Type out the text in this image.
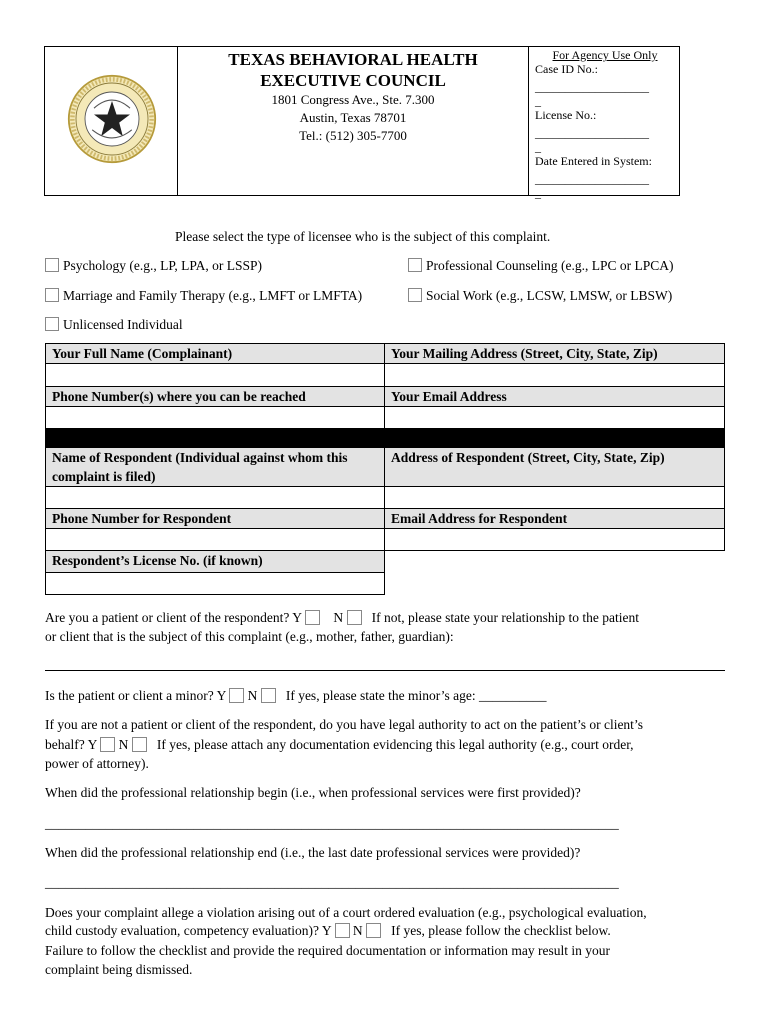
TEXAS BEHAVIORAL HEALTH
EXECUTIVE COUNCIL
1801 Congress Ave., Ste. 7.300
Austin, Texas 78701
Tel.: (512) 305-7700
For Agency Use Only
Case ID No.:
___________________
_
License No.:
___________________
_
Date Entered in System:
___________________
_
Please select the type of licensee who is the subject of this complaint.
Psychology (e.g., LP, LPA, or LSSP)	Professional Counseling (e.g., LPC or LPCA)
Marriage and Family Therapy (e.g., LMFT or LMFTA)	Social Work (e.g., LCSW, LMSW, or LBSW)
Unlicensed Individual
Your Full Name (Complainant)	Your Mailing Address (Street, City, State, Zip)

Phone Number(s) where you can be reached	Your Email Address

Name of Respondent (Individual against whom this complaint is filed)	Address of Respondent (Street, City, State, Zip)

Phone Number for Respondent	Email Address for Respondent

Respondent’s License No. (if known)	

Are you a patient or client of the respondent? Y N If not, please state your relationship to the patient
or client that is the subject of this complaint (e.g., mother, father, guardian):
Is the patient or client a minor? Y N If yes, please state the minor’s age: __________
If you are not a patient or client of the respondent, do you have legal authority to act on the patient’s or client’s
behalf? Y N If yes, please attach any documentation evidencing this legal authority (e.g., court order,
power of attorney).
When did the professional relationship begin (i.e., when professional services were first provided)?
_____________________________________________________________________________________
When did the professional relationship end (i.e., the last date professional services were provided)?
_____________________________________________________________________________________
Does your complaint allege a violation arising out of a court ordered evaluation (e.g., psychological evaluation,
child custody evaluation, competency evaluation)? Y N If yes, please follow the checklist below.
Failure to follow the checklist and provide the required documentation or information may result in your
complaint being dismissed.
